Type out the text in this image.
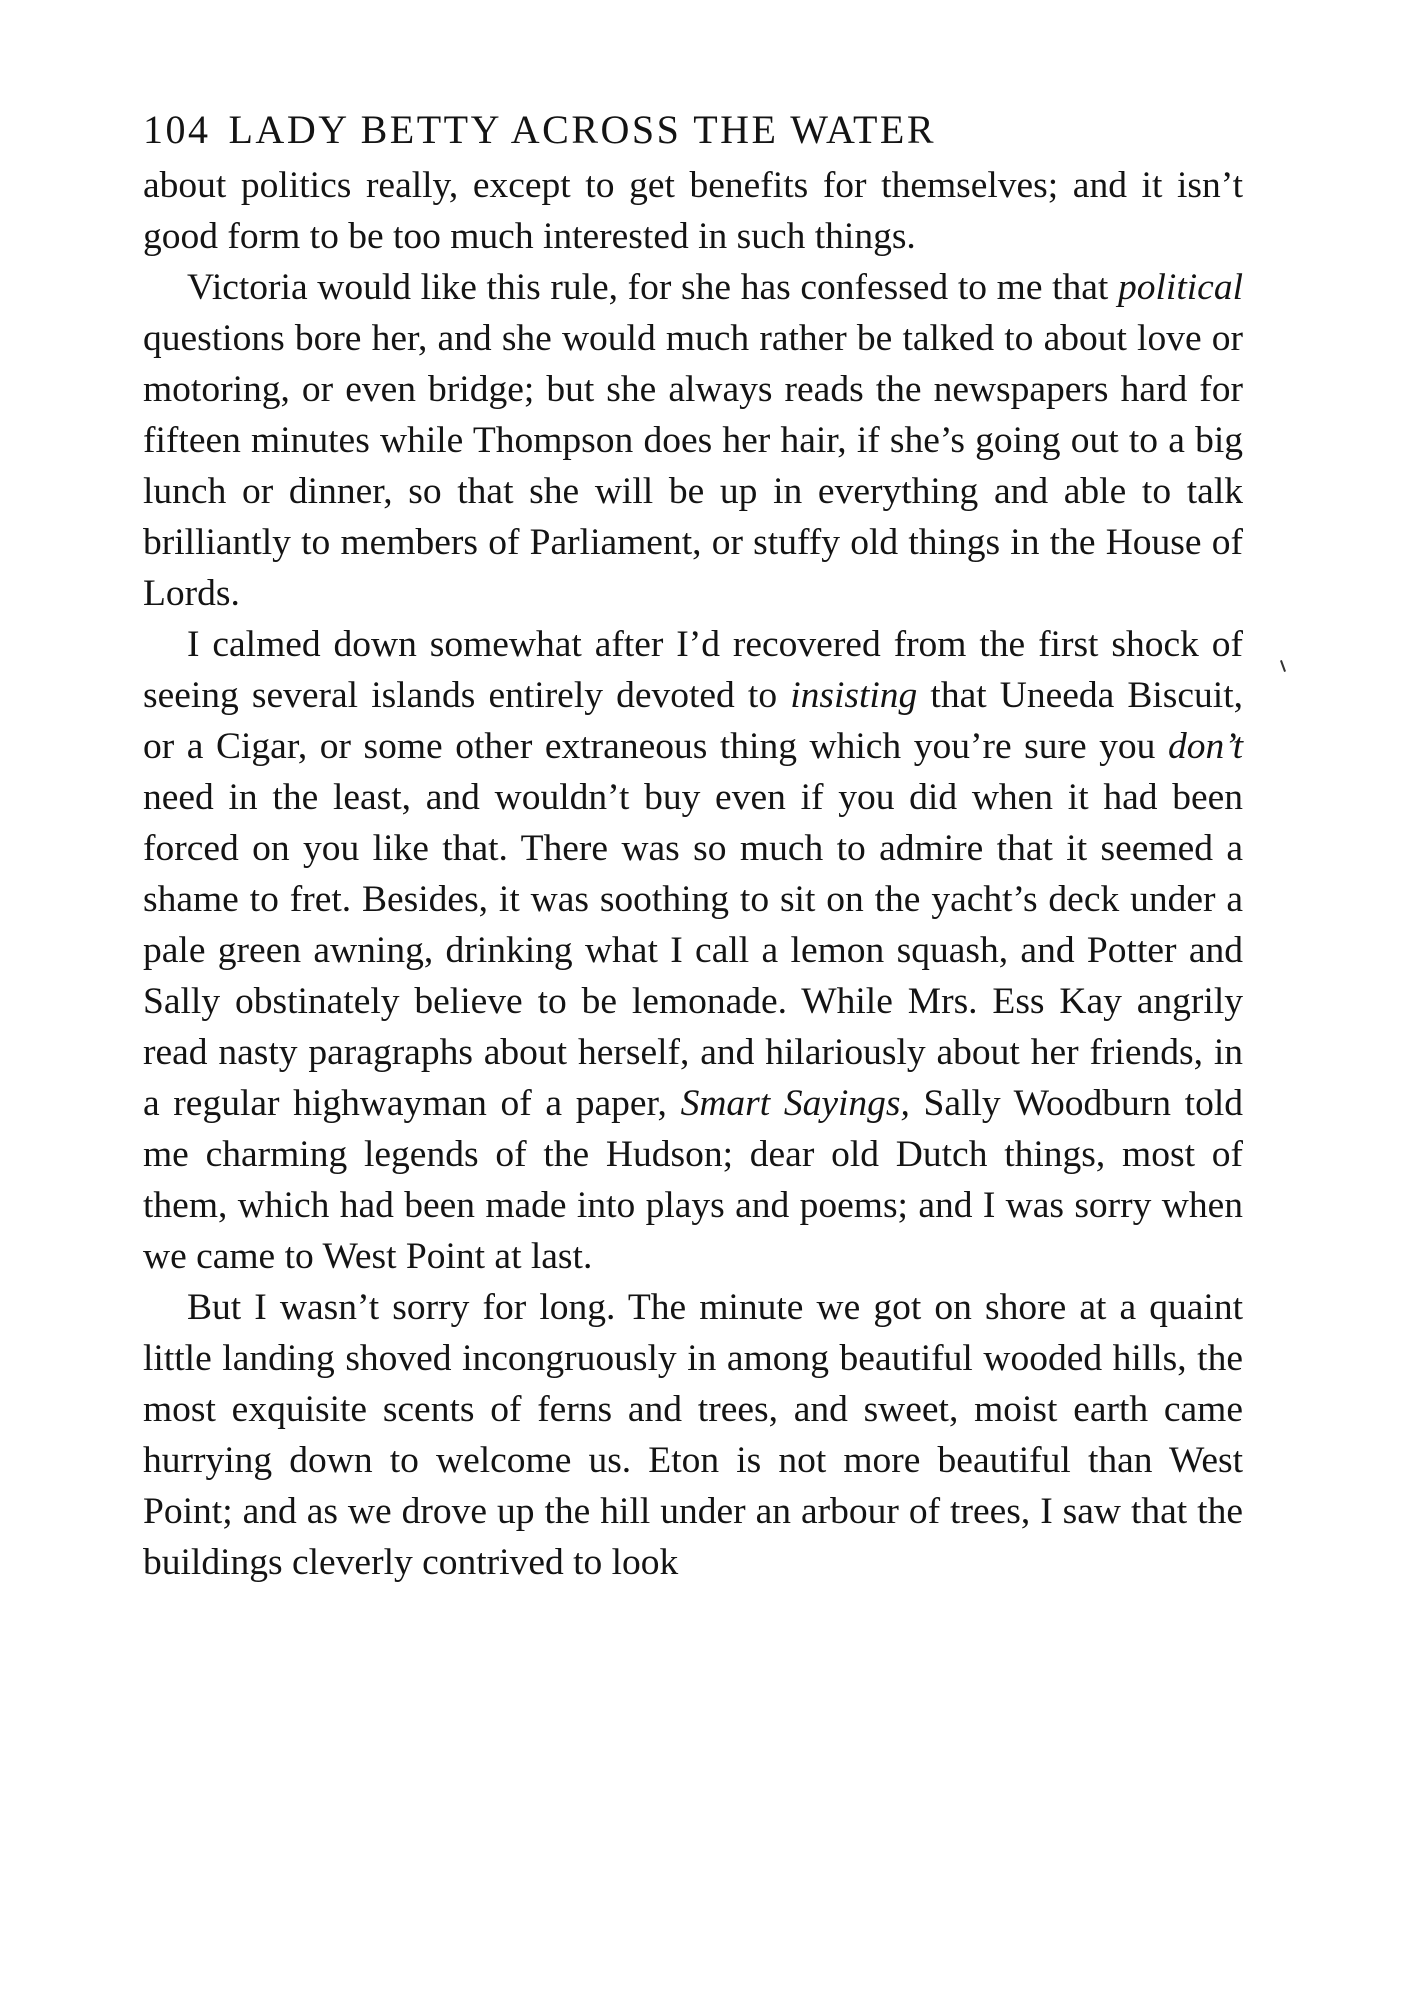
104 LADY BETTY ACROSS THE WATER

about politics really, except to get benefits for themselves; and it isn’t good form to be too much interested in such things.

Victoria would like this rule, for she has confessed to me that political questions bore her, and she would much rather be talked to about love or motoring, or even bridge; but she always reads the newspapers hard for fifteen minutes while Thompson does her hair, if she’s going out to a big lunch or dinner, so that she will be up in everything and able to talk brilliantly to members of Parliament, or stuffy old things in the House of Lords.

I calmed down somewhat after I’d recovered from the first shock of seeing several islands entirely devoted to insisting that Uneeda Biscuit, or a Cigar, or some other extraneous thing which you’re sure you don’t need in the least, and wouldn’t buy even if you did when it had been forced on you like that. There was so much to admire that it seemed a shame to fret. Besides, it was soothing to sit on the yacht’s deck under a pale green awning, drinking what I call a lemon squash, and Potter and Sally obstinately believe to be lemonade. While Mrs. Ess Kay angrily read nasty paragraphs about herself, and hilariously about her friends, in a regular highwayman of a paper, Smart Sayings, Sally Woodburn told me charming legends of the Hudson; dear old Dutch things, most of them, which had been made into plays and poems; and I was sorry when we came to West Point at last.

But I wasn’t sorry for long. The minute we got on shore at a quaint little landing shoved incongruously in among beautiful wooded hills, the most exquisite scents of ferns and trees, and sweet, moist earth came hurrying down to welcome us. Eton is not more beautiful than West Point; and as we drove up the hill under an arbour of trees, I saw that the buildings cleverly contrived to look
